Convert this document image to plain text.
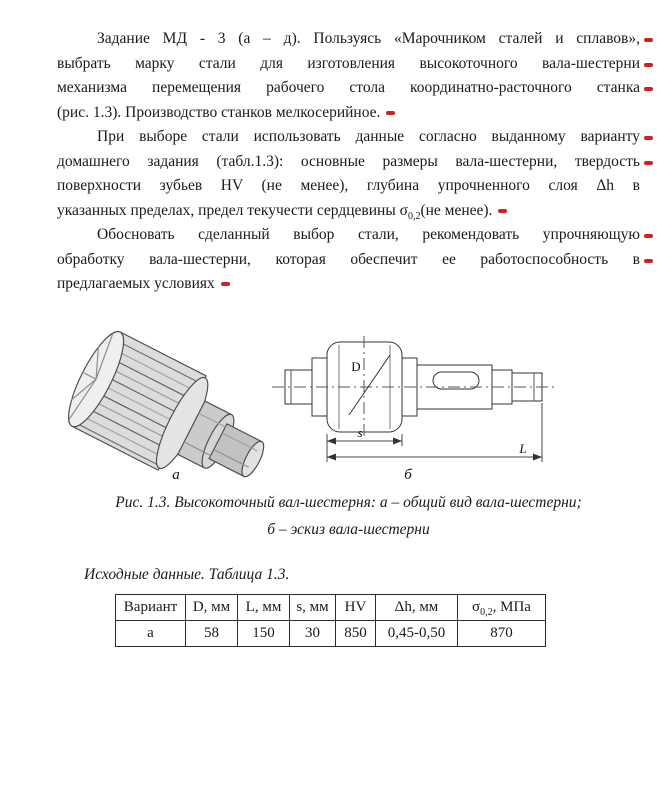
Задание МД - 3 (а – д). Пользуясь «Марочником сталей и сплавов»,
выбрать марку стали для изготовления высокоточного вала-шестерни
механизма перемещения рабочего стола координатно-расточного станка
(рис. 1.3). Производство станков мелкосерийное.
При выборе стали использовать данные согласно выданному варианту
домашнего задания (табл.1.3): основные размеры вала-шестерни, твердость
поверхности зубьев HV (не менее), глубина упрочненного слоя Δh в
указанных пределах, предел текучести сердцевины $\sigma_{0,2}(не$ менее).
Обосновать сделанный выбор стали, рекомендовать упрочняющую
обработку вала-шестерни, которая обеспечит ее работоспособность в
предлагаемых условиях
D
s
L
а	б
Рис. 1.3. Высокоточный вал-шестерня: а – общий вид вала-шестерни;
б – эскиз вала-шестерни
Исходные данные. Таблица 1.3.
Вариант	D, мм	L, мм	s, мм	HV	Δh, мм	$\sigma_{0,2}$, МПа
а	58	150	30	850	0,45-0,50	870
